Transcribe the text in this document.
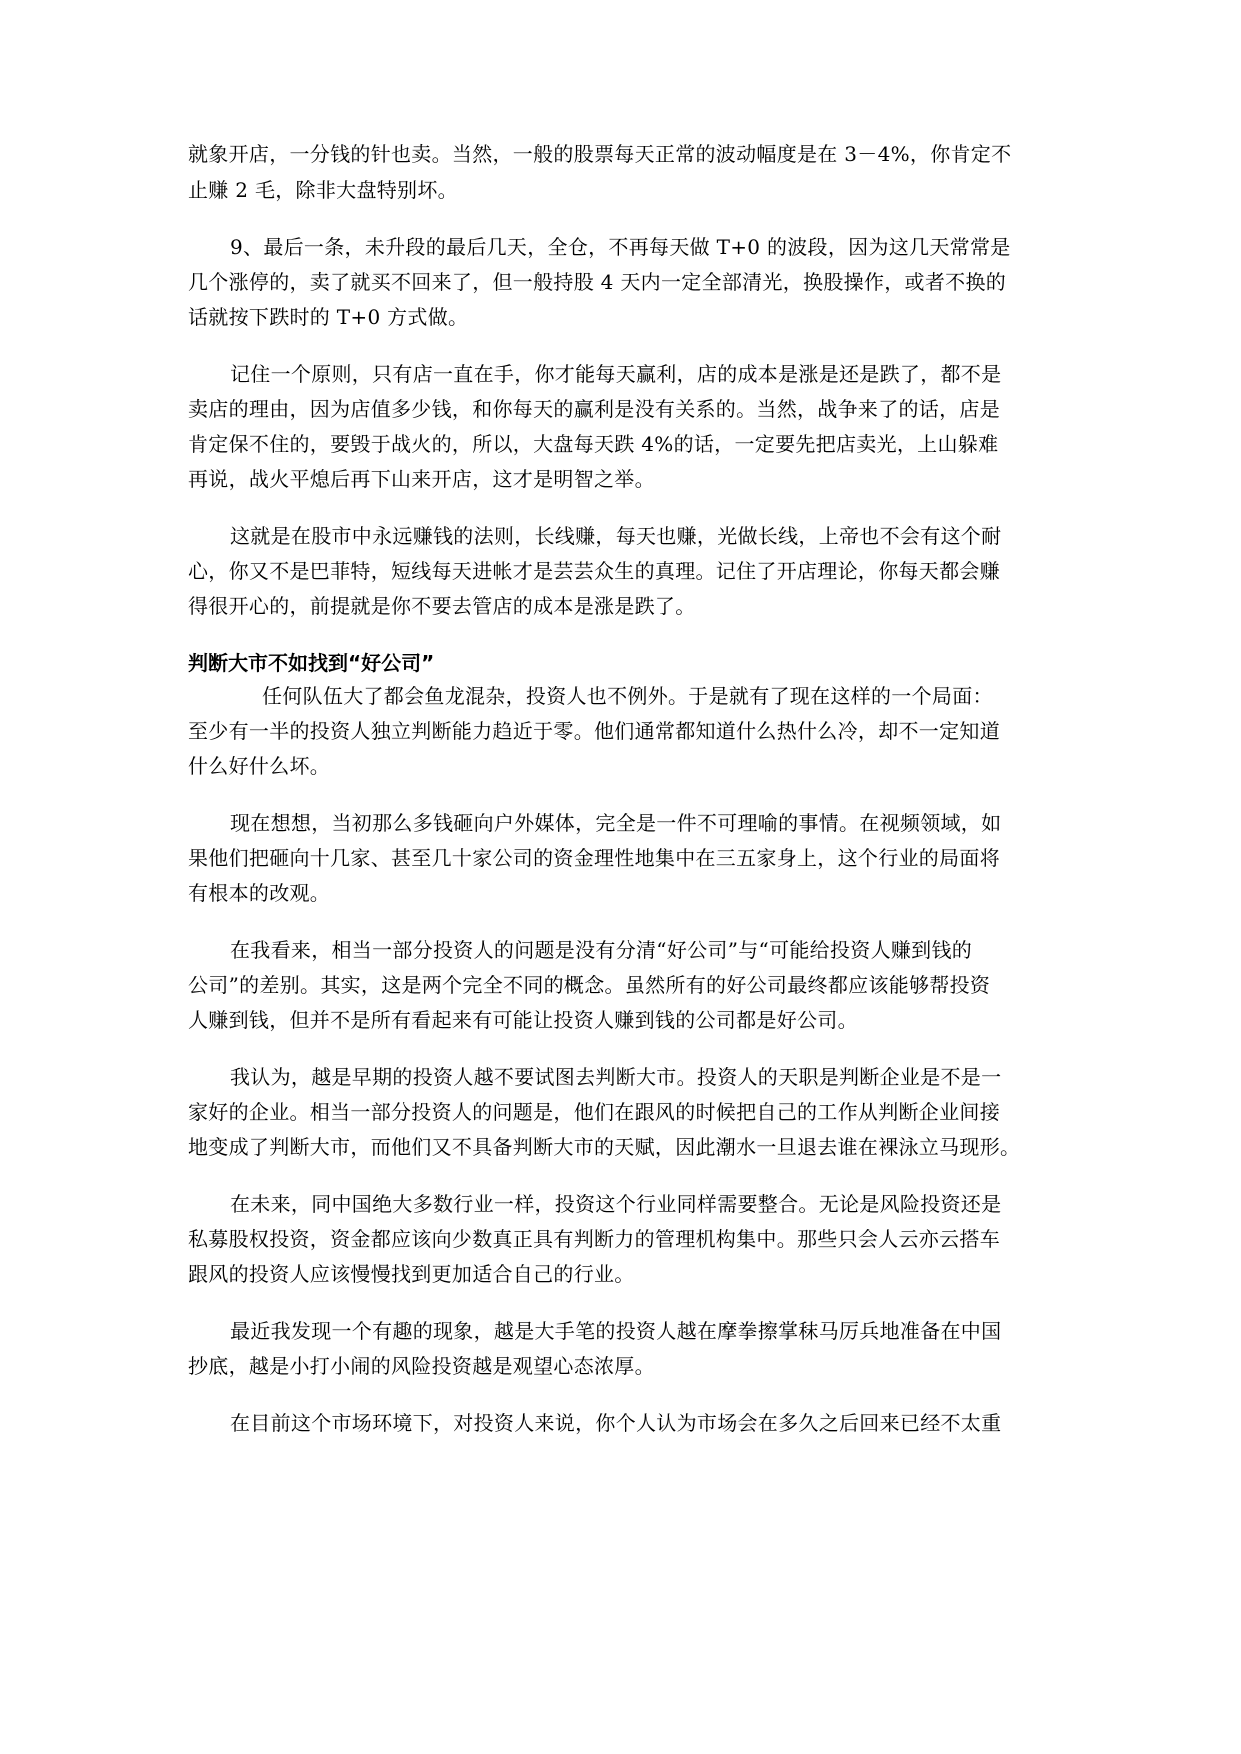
就象开店，一分钱的针也卖。当然，一般的股票每天正常的波动幅度是在 3－4%，你肯定不
止赚 2 毛，除非大盘特别坏。
9、最后一条，未升段的最后几天，全仓，不再每天做 T+0 的波段，因为这几天常常是
几个涨停的，卖了就买不回来了，但一般持股 4 天内一定全部清光，换股操作，或者不换的
话就按下跌时的 T+0 方式做。
记住一个原则，只有店一直在手，你才能每天赢利，店的成本是涨是还是跌了，都不是
卖店的理由，因为店值多少钱，和你每天的赢利是没有关系的。当然，战争来了的话，店是
肯定保不住的，要毁于战火的，所以，大盘每天跌 4%的话，一定要先把店卖光，上山躲难
再说，战火平熄后再下山来开店，这才是明智之举。
这就是在股市中永远赚钱的法则，长线赚，每天也赚，光做长线，上帝也不会有这个耐
心，你又不是巴菲特，短线每天进帐才是芸芸众生的真理。记住了开店理论，你每天都会赚
得很开心的，前提就是你不要去管店的成本是涨是跌了。
判断大市不如找到“好公司”
任何队伍大了都会鱼龙混杂，投资人也不例外。于是就有了现在这样的一个局面：
至少有一半的投资人独立判断能力趋近于零。他们通常都知道什么热什么冷，却不一定知道
什么好什么坏。
现在想想，当初那么多钱砸向户外媒体，完全是一件不可理喻的事情。在视频领域，如
果他们把砸向十几家、甚至几十家公司的资金理性地集中在三五家身上，这个行业的局面将
有根本的改观。
在我看来，相当一部分投资人的问题是没有分清“好公司”与“可能给投资人赚到钱的
公司”的差别。其实，这是两个完全不同的概念。虽然所有的好公司最终都应该能够帮投资
人赚到钱，但并不是所有看起来有可能让投资人赚到钱的公司都是好公司。
我认为，越是早期的投资人越不要试图去判断大市。投资人的天职是判断企业是不是一
家好的企业。相当一部分投资人的问题是，他们在跟风的时候把自己的工作从判断企业间接
地变成了判断大市，而他们又不具备判断大市的天赋，因此潮水一旦退去谁在裸泳立马现形。
在未来，同中国绝大多数行业一样，投资这个行业同样需要整合。无论是风险投资还是
私募股权投资，资金都应该向少数真正具有判断力的管理机构集中。那些只会人云亦云搭车
跟风的投资人应该慢慢找到更加适合自己的行业。
最近我发现一个有趣的现象，越是大手笔的投资人越在摩拳擦掌秣马厉兵地准备在中国
抄底，越是小打小闹的风险投资越是观望心态浓厚。
在目前这个市场环境下，对投资人来说，你个人认为市场会在多久之后回来已经不太重
